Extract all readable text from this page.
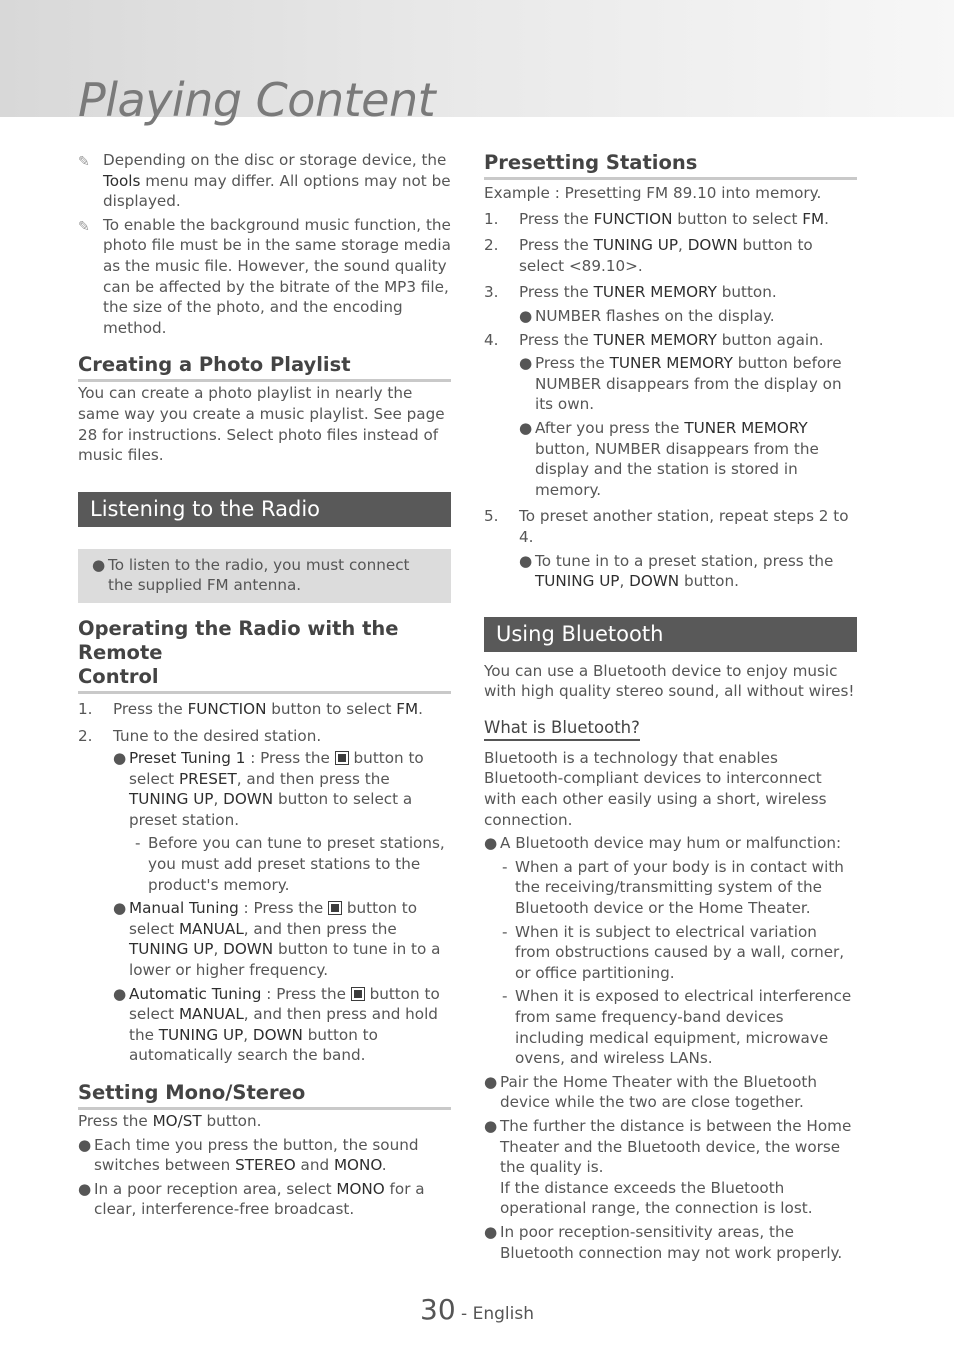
Playing Content
✎ Depending on the disc or storage device, the Tools menu may differ. All options may not be displayed.
✎ To enable the background music function, the photo file must be in the same storage media as the music file. However, the sound quality can be affected by the bitrate of the MP3 file, the size of the photo, and the encoding method.
Creating a Photo Playlist
You can create a photo playlist in nearly the same way you create a music playlist. See page 28 for instructions. Select photo files instead of music files.
Listening to the Radio
● To listen to the radio, you must connect the supplied FM antenna.
Operating the Radio with the Remote
Control
1.	Press the FUNCTION button to select FM.
2.	Tune to the desired station.
● Preset Tuning 1 : Press the  button to select PRESET, and then press the TUNING UP, DOWN button to select a preset station.
- Before you can tune to preset stations, you must add preset stations to the product's memory.
● Manual Tuning : Press the  button to select MANUAL, and then press the TUNING UP, DOWN button to tune in to a lower or higher frequency.
● Automatic Tuning : Press the  button to select MANUAL, and then press and hold the TUNING UP, DOWN button to automatically search the band.
Setting Mono/Stereo
Press the MO/ST button.
● Each time you press the button, the sound switches between STEREO and MONO.
● In a poor reception area, select MONO for a clear, interference-free broadcast.
Presetting Stations
Example : Presetting FM 89.10 into memory.
1.	Press the FUNCTION button to select FM.
2.	Press the TUNING UP, DOWN button to select <89.10>.
3.	Press the TUNER MEMORY button.
● NUMBER flashes on the display.
4.	Press the TUNER MEMORY button again.
● Press the TUNER MEMORY button before NUMBER disappears from the display on its own.
● After you press the TUNER MEMORY button, NUMBER disappears from the display and the station is stored in memory.
5.	To preset another station, repeat steps 2 to 4.
● To tune in to a preset station, press the TUNING UP, DOWN button.
Using Bluetooth
You can use a Bluetooth device to enjoy music with high quality stereo sound, all without wires!
What is Bluetooth?
Bluetooth is a technology that enables Bluetooth-compliant devices to interconnect with each other easily using a short, wireless connection.
● A Bluetooth device may hum or malfunction:
- When a part of your body is in contact with the receiving/transmitting system of the Bluetooth device or the Home Theater.
- When it is subject to electrical variation from obstructions caused by a wall, corner, or office partitioning.
- When it is exposed to electrical interference from same frequency-band devices including medical equipment, microwave ovens, and wireless LANs.
● Pair the Home Theater with the Bluetooth device while the two are close together.
● The further the distance is between the Home Theater and the Bluetooth device, the worse the quality is.
If the distance exceeds the Bluetooth operational range, the connection is lost.
● In poor reception-sensitivity areas, the Bluetooth connection may not work properly.
30 - English
